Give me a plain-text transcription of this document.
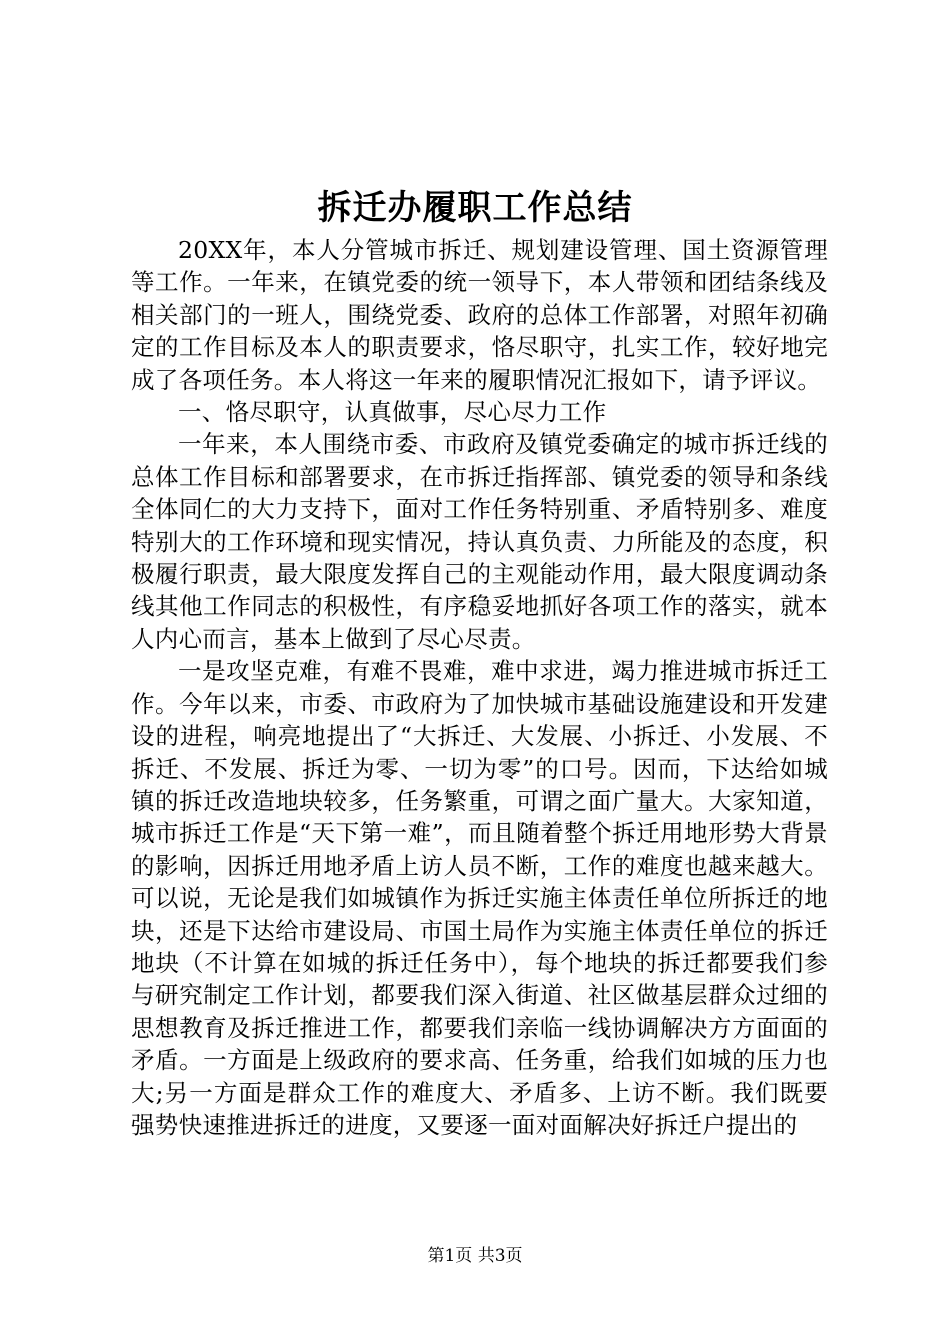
拆迁办履职工作总结

20XX年，本人分管城市拆迁、规划建设管理、国土资源管理等工作。一年来，在镇党委的统一领导下，本人带领和团结条线及相关部门的一班人，围绕党委、政府的总体工作部署，对照年初确定的工作目标及本人的职责要求，恪尽职守，扎实工作，较好地完成了各项任务。本人将这一年来的履职情况汇报如下，请予评议。

一、恪尽职守，认真做事，尽心尽力工作

一年来，本人围绕市委、市政府及镇党委确定的城市拆迁线的总体工作目标和部署要求，在市拆迁指挥部、镇党委的领导和条线全体同仁的大力支持下，面对工作任务特别重、矛盾特别多、难度特别大的工作环境和现实情况，持认真负责、力所能及的态度，积极履行职责，最大限度发挥自己的主观能动作用，最大限度调动条线其他工作同志的积极性，有序稳妥地抓好各项工作的落实，就本人内心而言，基本上做到了尽心尽责。

一是攻坚克难，有难不畏难，难中求进，竭力推进城市拆迁工作。今年以来，市委、市政府为了加快城市基础设施建设和开发建设的进程，响亮地提出了“大拆迁、大发展、小拆迁、小发展、不拆迁、不发展、拆迁为零、一切为零”的口号。因而，下达给如城镇的拆迁改造地块较多，任务繁重，可谓之面广量大。大家知道，城市拆迁工作是“天下第一难”，而且随着整个拆迁用地形势大背景的影响，因拆迁用地矛盾上访人员不断，工作的难度也越来越大。可以说，无论是我们如城镇作为拆迁实施主体责任单位所拆迁的地块，还是下达给市建设局、市国土局作为实施主体责任单位的拆迁地块（不计算在如城的拆迁任务中），每个地块的拆迁都要我们参与研究制定工作计划，都要我们深入街道、社区做基层群众过细的思想教育及拆迁推进工作，都要我们亲临一线协调解决方方面面的矛盾。一方面是上级政府的要求高、任务重，给我们如城的压力也大;另一方面是群众工作的难度大、矛盾多、上访不断。我们既要强势快速推进拆迁的进度，又要逐一面对面解决好拆迁户提出的

第1页 共3页
